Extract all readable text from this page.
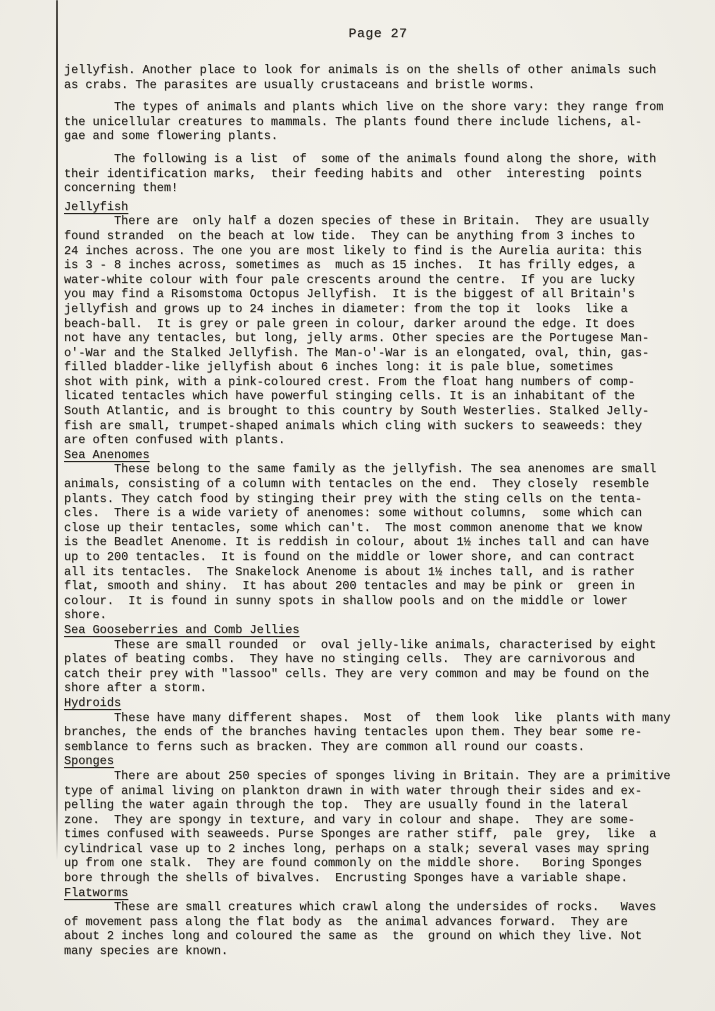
Page 27
jellyfish. Another place to look for animals is on the shells of other animals such
as crabs. The parasites are usually crustaceans and bristle worms.
The types of animals and plants which live on the shore vary: they range from
the unicellular creatures to mammals. The plants found there include lichens, al-
gae and some flowering plants.
The following is a list  of  some of the animals found along the shore, with
their identification marks,  their feeding habits and  other  interesting  points
concerning them!
Jellyfish
There are  only half a dozen species of these in Britain.  They are usually
found stranded  on the beach at low tide.  They can be anything from 3 inches to
24 inches across. The one you are most likely to find is the Aurelia aurita: this
is 3 - 8 inches across, sometimes as  much as 15 inches.  It has frilly edges, a
water-white colour with four pale crescents around the centre.  If you are lucky
you may find a Risomstoma Octopus Jellyfish.  It is the biggest of all Britain's
jellyfish and grows up to 24 inches in diameter: from the top it  looks  like a
beach-ball.  It is grey or pale green in colour, darker around the edge. It does
not have any tentacles, but long, jelly arms. Other species are the Portugese Man-
o'-War and the Stalked Jellyfish. The Man-o'-War is an elongated, oval, thin, gas-
filled bladder-like jellyfish about 6 inches long: it is pale blue, sometimes
shot with pink, with a pink-coloured crest. From the float hang numbers of comp-
licated tentacles which have powerful stinging cells. It is an inhabitant of the
South Atlantic, and is brought to this country by South Westerlies. Stalked Jelly-
fish are small, trumpet-shaped animals which cling with suckers to seaweeds: they
are often confused with plants.
Sea Anenomes
These belong to the same family as the jellyfish. The sea anenomes are small
animals, consisting of a column with tentacles on the end.  They closely  resemble
plants. They catch food by stinging their prey with the sting cells on the tenta-
cles.  There is a wide variety of anenomes: some without columns,  some which can
close up their tentacles, some which can't.  The most common anenome that we know
is the Beadlet Anenome. It is reddish in colour, about 1½ inches tall and can have
up to 200 tentacles.  It is found on the middle or lower shore, and can contract
all its tentacles.  The Snakelock Anenome is about 1½ inches tall, and is rather
flat, smooth and shiny.  It has about 200 tentacles and may be pink or  green in
colour.  It is found in sunny spots in shallow pools and on the middle or lower
shore.
Sea Gooseberries and Comb Jellies
These are small rounded  or  oval jelly-like animals, characterised by eight
plates of beating combs.  They have no stinging cells.  They are carnivorous and
catch their prey with "lassoo" cells. They are very common and may be found on the
shore after a storm.
Hydroids
These have many different shapes.  Most  of  them look  like  plants with many
branches, the ends of the branches having tentacles upon them. They bear some re-
semblance to ferns such as bracken. They are common all round our coasts.
Sponges
There are about 250 species of sponges living in Britain. They are a primitive
type of animal living on plankton drawn in with water through their sides and ex-
pelling the water again through the top.  They are usually found in the lateral
zone.  They are spongy in texture, and vary in colour and shape.  They are some-
times confused with seaweeds. Purse Sponges are rather stiff,  pale  grey,  like  a
cylindrical vase up to 2 inches long, perhaps on a stalk; several vases may spring
up from one stalk.  They are found commonly on the middle shore.   Boring Sponges
bore through the shells of bivalves.  Encrusting Sponges have a variable shape.
Flatworms
These are small creatures which crawl along the undersides of rocks.   Waves
of movement pass along the flat body as  the animal advances forward.  They are
about 2 inches long and coloured the same as  the  ground on which they live. Not
many species are known.
